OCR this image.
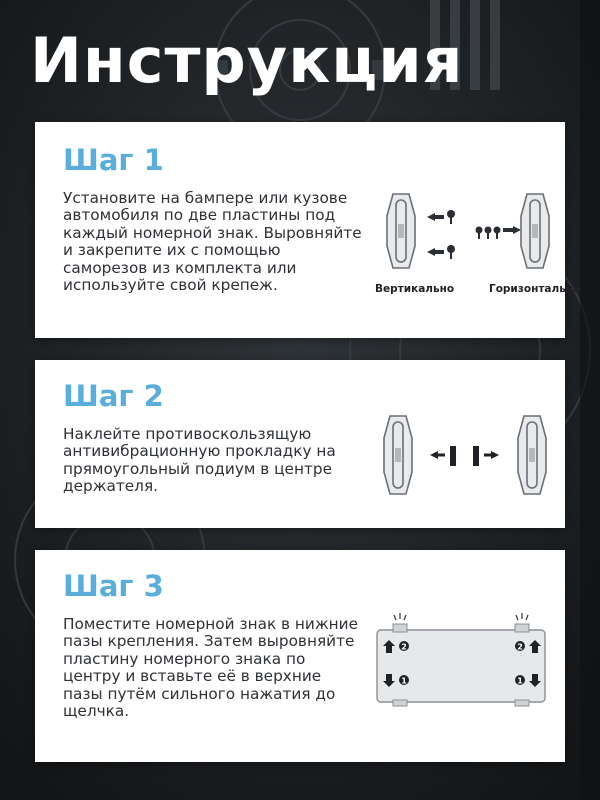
Инструкция
Шаг 1

Установите на бампере или кузове автомобиля по две пластины под каждый номерной знак. Выровняйте и закрепите их с помощью саморезов из комплекта или используйте свой крепеж.	Вертикально	Горизонтально
Шаг 2

Наклейте противоскользящую антивибрационную прокладку на прямоугольный подиум в центре держателя.

Шаг 3

Поместите номерной знак в нижние пазы крепления. Затем выровняйте пластину номерного знака по центру и вставьте её в верхние пазы путём сильного нажатия до щелчка.

2	2
1	1
